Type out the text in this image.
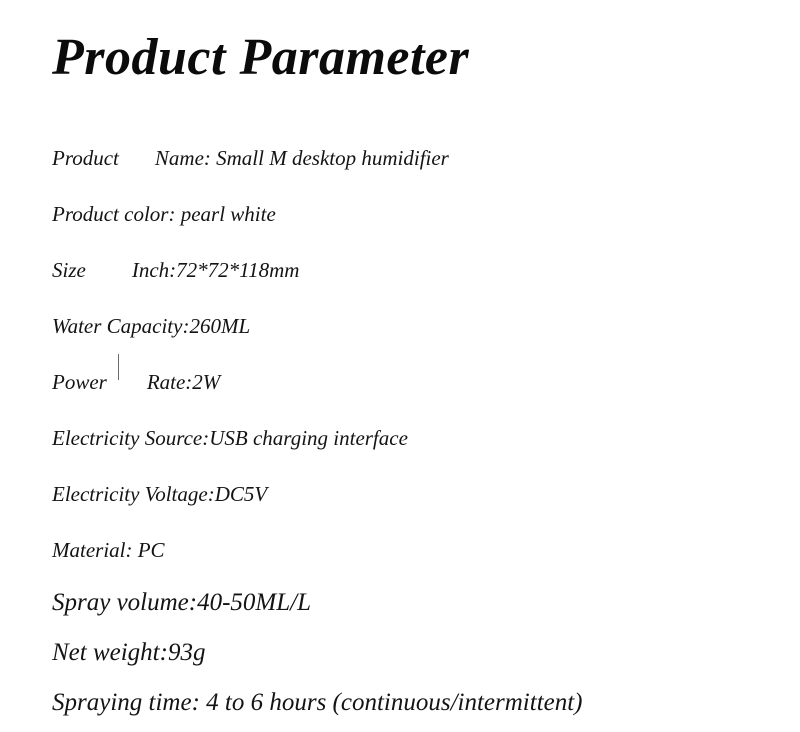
Product Parameter
Product Name: Small M desktop humidifier
Product color: pearl white
Size Inch:72*72*118mm
Water Capacity:260ML
Power Rate:2W
Electricity Source:USB charging interface
Electricity Voltage:DC5V
Material: PC
Spray volume:40-50ML/L
Net weight:93g
Spraying time: 4 to 6 hours (continuous/intermittent)
